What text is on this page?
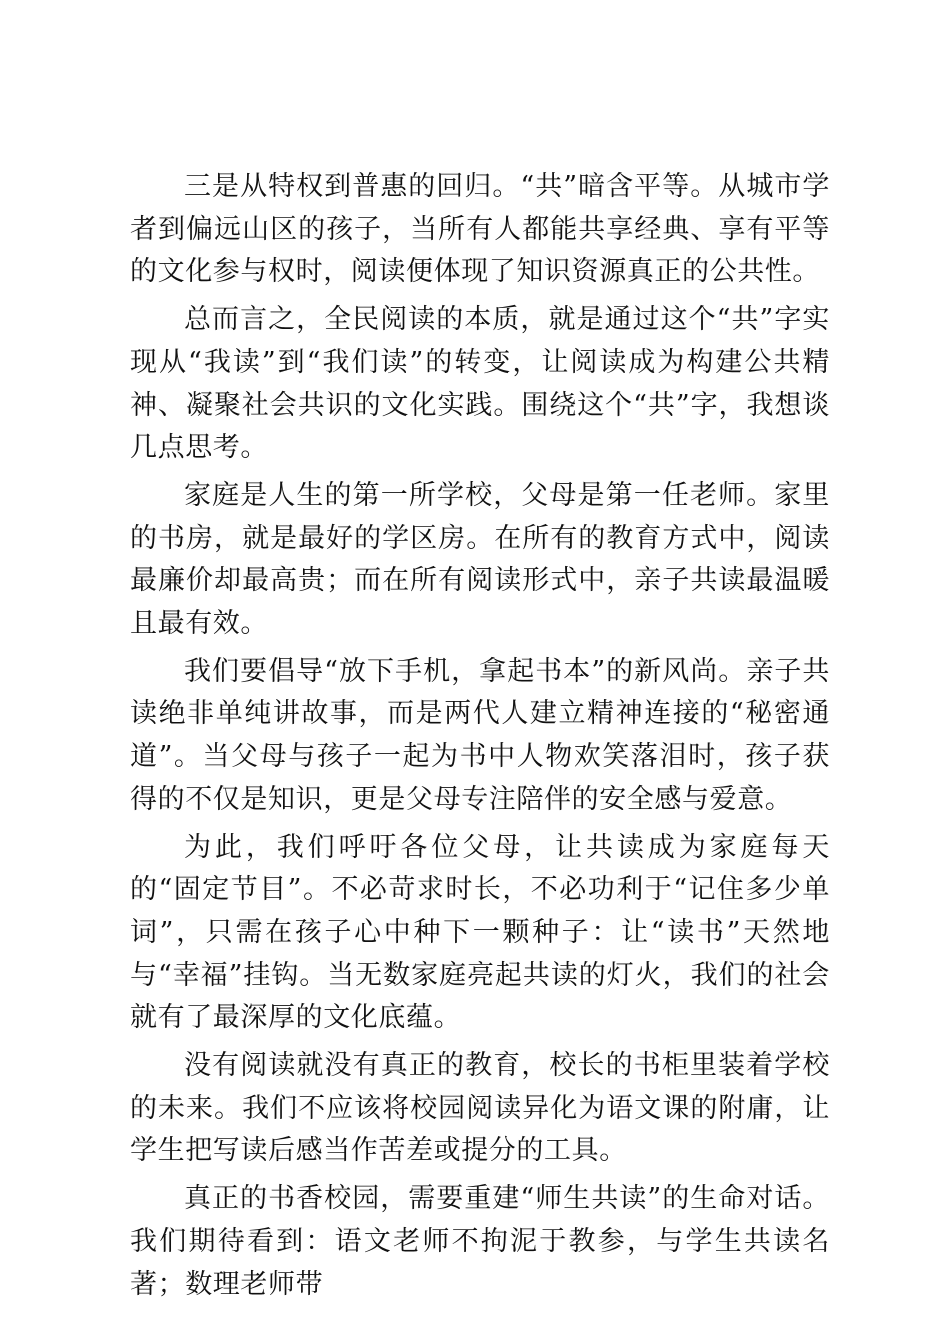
三是从特权到普惠的回归。“共”暗含平等。从城市学者到偏远山区的孩子，当所有人都能共享经典、享有平等的文化参与权时，阅读便体现了知识资源真正的公共性。

总而言之，全民阅读的本质，就是通过这个“共”字实现从“我读”到“我们读”的转变，让阅读成为构建公共精神、凝聚社会共识的文化实践。围绕这个“共”字，我想谈几点思考。

家庭是人生的第一所学校，父母是第一任老师。家里的书房，就是最好的学区房。在所有的教育方式中，阅读最廉价却最高贵；而在所有阅读形式中，亲子共读最温暖且最有效。

我们要倡导“放下手机，拿起书本”的新风尚。亲子共读绝非单纯讲故事，而是两代人建立精神连接的“秘密通道”。当父母与孩子一起为书中人物欢笑落泪时，孩子获得的不仅是知识，更是父母专注陪伴的安全感与爱意。

为此，我们呼吁各位父母，让共读成为家庭每天的“固定节目”。不必苛求时长，不必功利于“记住多少单词”，只需在孩子心中种下一颗种子：让“读书”天然地与“幸福”挂钩。当无数家庭亮起共读的灯火，我们的社会就有了最深厚的文化底蕴。

没有阅读就没有真正的教育，校长的书柜里装着学校的未来。我们不应该将校园阅读异化为语文课的附庸，让学生把写读后感当作苦差或提分的工具。

真正的书香校园，需要重建“师生共读”的生命对话。我们期待看到：语文老师不拘泥于教参，与学生共读名著；数理老师带
